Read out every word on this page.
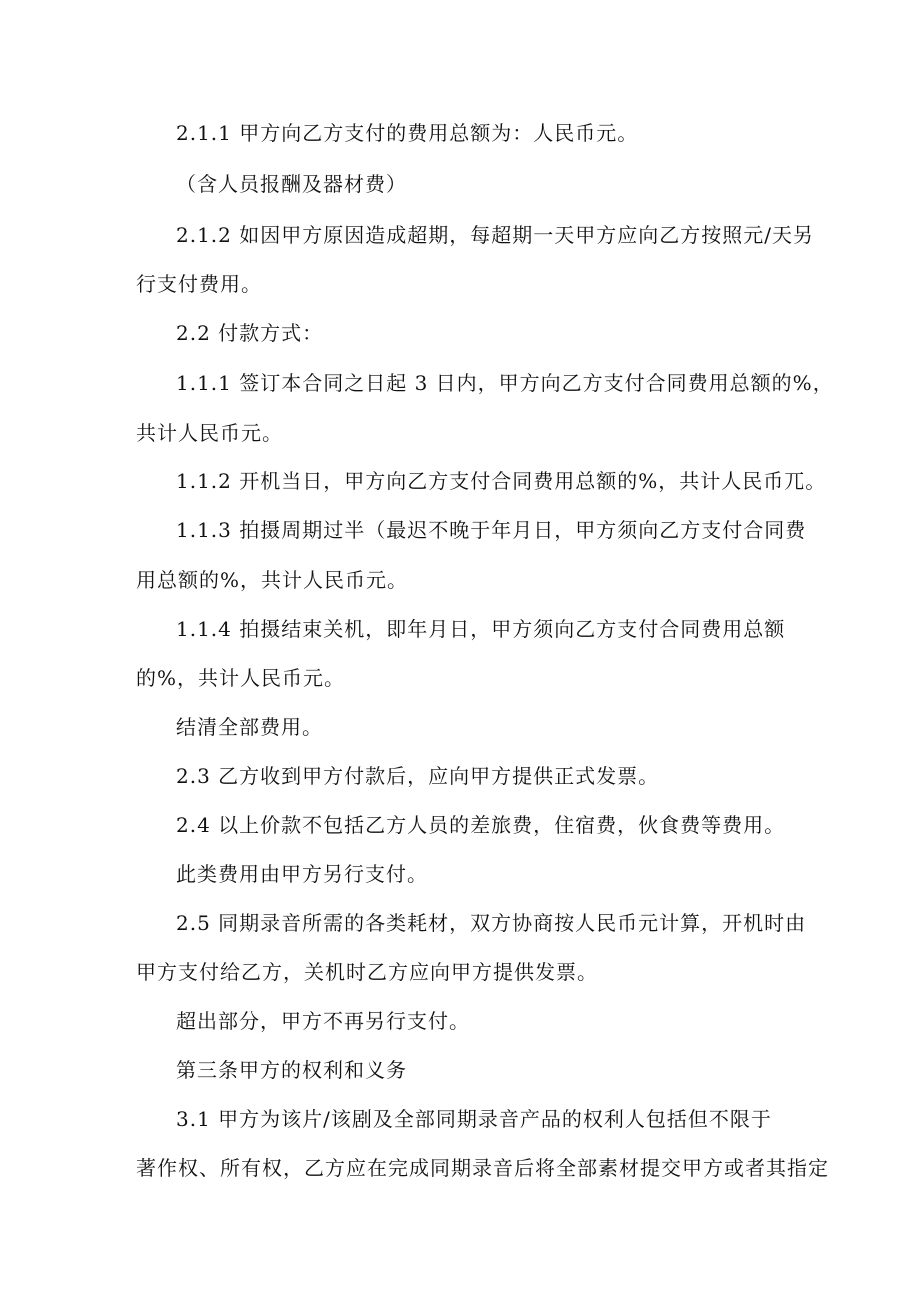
2.1.1 甲方向乙方支付的费用总额为：人民币元。
（含人员报酬及器材费）
2.1.2 如因甲方原因造成超期，每超期一天甲方应向乙方按照元/天另
行支付费用。
2.2 付款方式：
1.1.1 签订本合同之日起 3 日内，甲方向乙方支付合同费用总额的%，
共计人民币元。
1.1.2 开机当日，甲方向乙方支付合同费用总额的%，共计人民币兀。
1.1.3 拍摄周期过半（最迟不晚于年月日，甲方须向乙方支付合同费
用总额的%，共计人民币元。
1.1.4 拍摄结束关机，即年月日，甲方须向乙方支付合同费用总额
的%，共计人民币元。
结清全部费用。
2.3 乙方收到甲方付款后，应向甲方提供正式发票。
2.4 以上价款不包括乙方人员的差旅费，住宿费，伙食费等费用。
此类费用由甲方另行支付。
2.5 同期录音所需的各类耗材，双方协商按人民币元计算，开机时由
甲方支付给乙方，关机时乙方应向甲方提供发票。
超出部分，甲方不再另行支付。
第三条甲方的权利和义务
3.1 甲方为该片/该剧及全部同期录音产品的权利人包括但不限于
著作权、所有权，乙方应在完成同期录音后将全部素材提交甲方或者其指定
